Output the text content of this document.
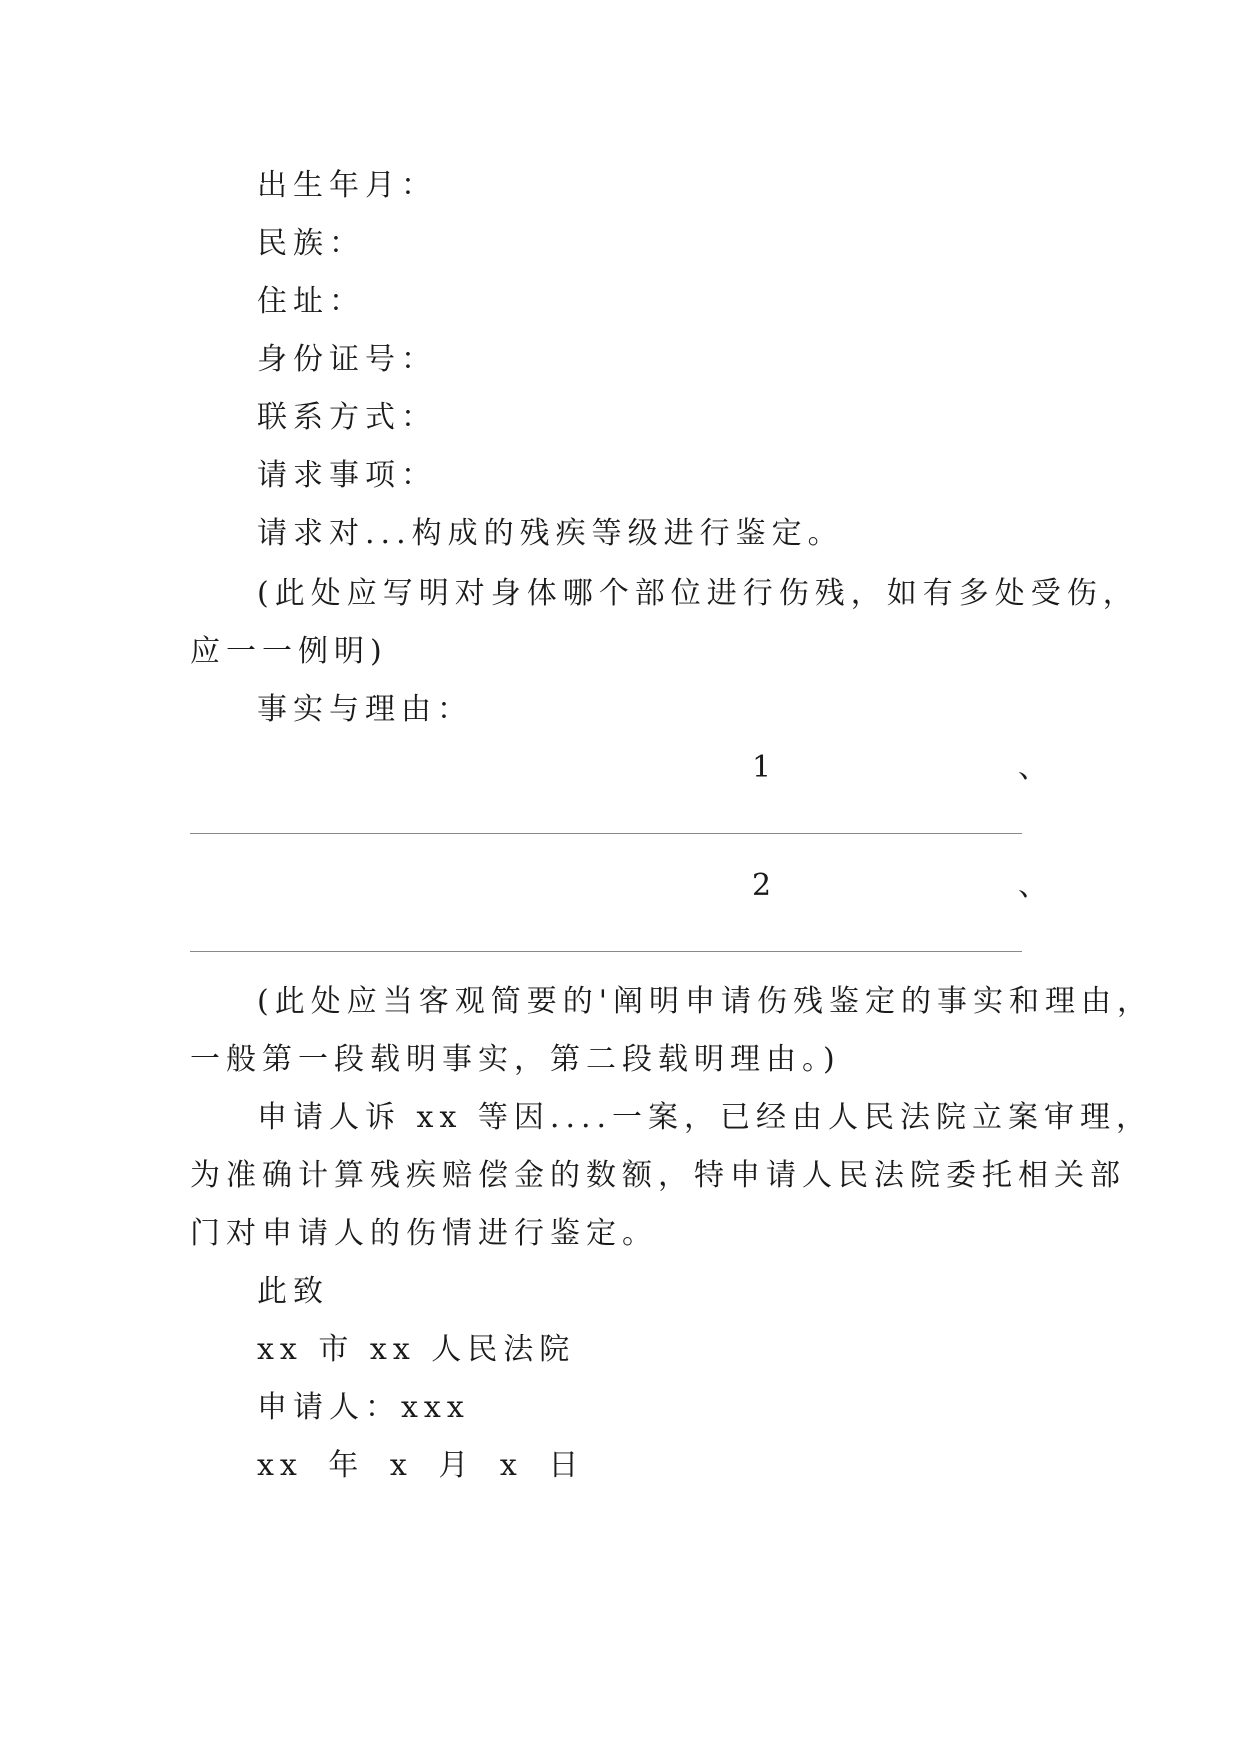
出生年月：
民族：
住址：
身份证号：
联系方式：
请求事项：
请求对...构成的残疾等级进行鉴定。
(此处应写明对身体哪个部位进行伤残，如有多处受伤，
应一一例明)
事实与理由：
1	、
2	、
(此处应当客观简要的'阐明申请伤残鉴定的事实和理由，
一般第一段载明事实，第二段载明理由。)
申请人诉 xx 等因....一案，已经由人民法院立案审理，
为准确计算残疾赔偿金的数额，特申请人民法院委托相关部
门对申请人的伤情进行鉴定。
此致
xx 市 xx 人民法院
申请人：xxx
xx 年 x 月 x 日
